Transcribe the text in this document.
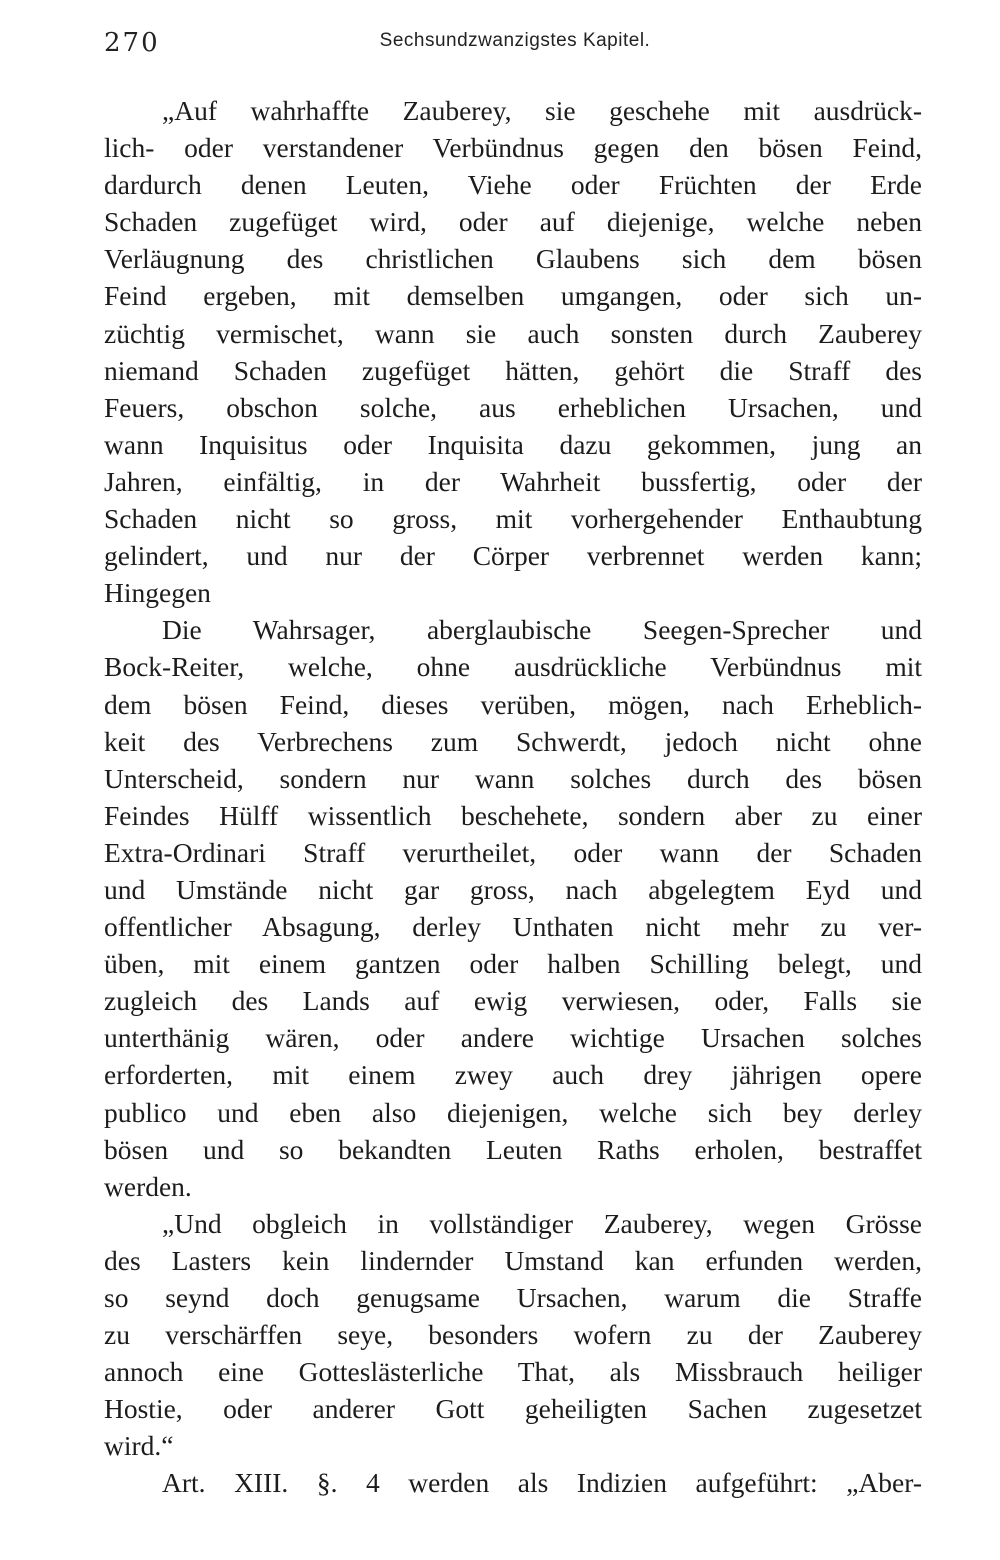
270	Sechsundzwanzigstes Kapitel.
„Auf wahrhaffte Zauberey, sie geschehe mit ausdrück-
lich- oder verstandener Verbündnus gegen den bösen Feind,
dardurch denen Leuten, Viehe oder Früchten der Erde
Schaden zugefüget wird, oder auf diejenige, welche neben
Verläugnung des christlichen Glaubens sich dem bösen
Feind ergeben, mit demselben umgangen, oder sich un-
züchtig vermischet, wann sie auch sonsten durch Zauberey
niemand Schaden zugefüget hätten, gehört die Straff des
Feuers, obschon solche, aus erheblichen Ursachen, und
wann Inquisitus oder Inquisita dazu gekommen, jung an
Jahren, einfältig, in der Wahrheit bussfertig, oder der
Schaden nicht so gross, mit vorhergehender Enthaubtung
gelindert, und nur der Cörper verbrennet werden kann;
Hingegen
Die Wahrsager, aberglaubische Seegen-Sprecher und
Bock-Reiter, welche, ohne ausdrückliche Verbündnus mit
dem bösen Feind, dieses verüben, mögen, nach Erheblich-
keit des Verbrechens zum Schwerdt, jedoch nicht ohne
Unterscheid, sondern nur wann solches durch des bösen
Feindes Hülff wissentlich beschehete, sondern aber zu einer
Extra-Ordinari Straff verurtheilet, oder wann der Schaden
und Umstände nicht gar gross, nach abgelegtem Eyd und
offentlicher Absagung, derley Unthaten nicht mehr zu ver-
üben, mit einem gantzen oder halben Schilling belegt, und
zugleich des Lands auf ewig verwiesen, oder, Falls sie
unterthänig wären, oder andere wichtige Ursachen solches
erforderten, mit einem zwey auch drey jährigen opere
publico und eben also diejenigen, welche sich bey derley
bösen und so bekandten Leuten Raths erholen, bestraffet
werden.
„Und obgleich in vollständiger Zauberey, wegen Grösse
des Lasters kein lindernder Umstand kan erfunden werden,
so seynd doch genugsame Ursachen, warum die Straffe
zu verschärffen seye, besonders wofern zu der Zauberey
annoch eine Gotteslästerliche That, als Missbrauch heiliger
Hostie, oder anderer Gott geheiligten Sachen zugesetzet
wird.“
Art. XIII. §. 4 werden als Indizien aufgeführt: „Aber-
